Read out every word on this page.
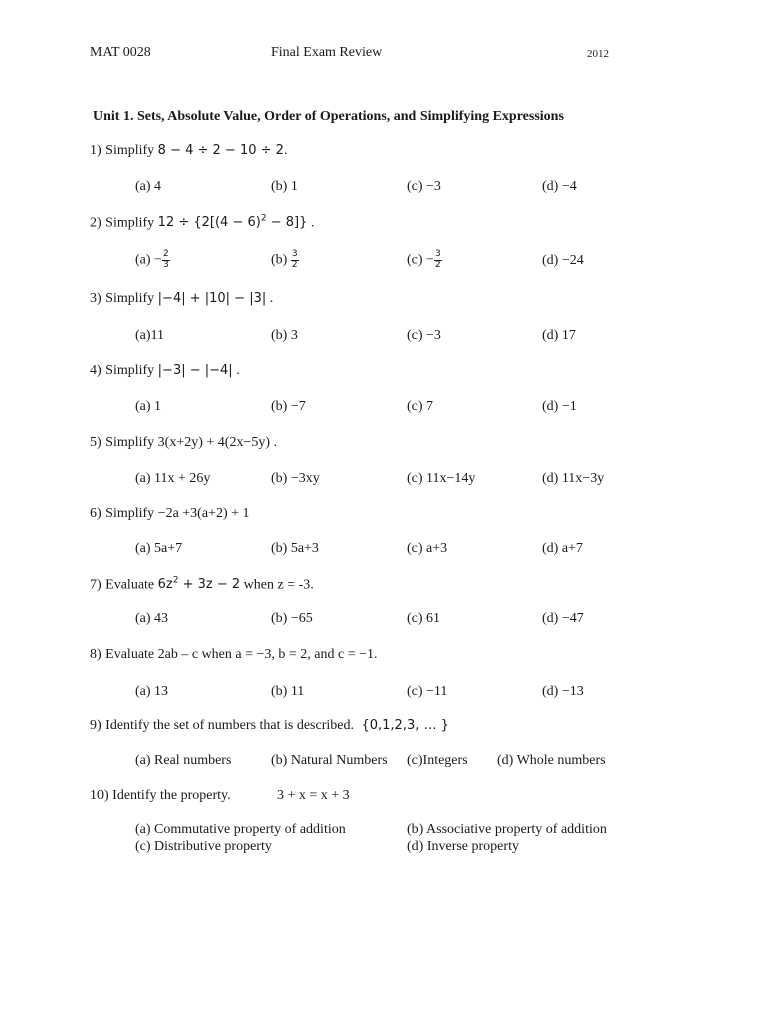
MAT 0028	Final Exam Review	2012
Unit 1. Sets, Absolute Value, Order of Operations, and Simplifying Expressions
1) Simplify 8 − 4 ÷ 2 − 10 ÷ 2.
(a) 4	(b) 1	(c) −3	(d) −4
2) Simplify $12 \div \{2[(4 - 6)^2 - 8]\}$ .
$(a) - \frac{2}{3}$	$(b) \frac{3}{2}$	$(c) - \frac{3}{2}$	(d) −24
3) Simplify |−4| + |10| − |3| .
(a)11	(b) 3	(c) −3	(d) 17
4) Simplify |−3| − |−4| .
(a) 1	(b) −7	(c) 7	(d) −1
5) Simplify 3(x+2y) + 4(2x−5y) .
(a) 11x + 26y	(b) −3xy	(c) 11x−14y	(d) 11x−3y
6) Simplify −2a +3(a+2) + 1
(a) 5a+7	(b) 5a+3	(c) a+3	(d) a+7
7) Evaluate $6z^2 + 3z - 2$ when z = -3.
(a) 43	(b) −65	(c) 61	(d) −47
8) Evaluate 2ab – c when a = −3, b = 2, and c = −1.
(a) 13	(b) 11	(c) −11	(d) −13
9) Identify the set of numbers that is described. {0,1,2,3, … }
(a) Real numbers	(b) Natural Numbers (c)Integers (d) Whole numbers
10) Identify the property.	3 + x = x + 3
(a) Commutative property of addition	(b) Associative property of addition
(c) Distributive property	(d) Inverse property
